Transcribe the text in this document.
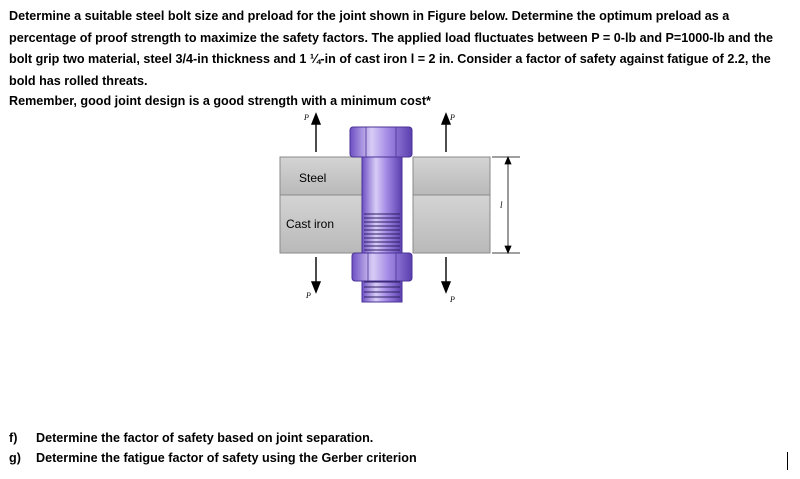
Determine a suitable steel bolt size and preload for the joint shown in Figure below. Determine the optimum preload as a percentage of proof strength to maximize the safety factors. The applied load fluctuates between P = 0-lb and P=1000-lb and the bolt grip two material, steel 3/4-in thickness and 1 ¼-in of cast iron l = 2 in. Consider a factor of safety against fatigue of 2.2, the bold has rolled threats.

Remember, good joint design is a good strength with a minimum cost*

Steel
Cast iron
P	P
P	P
l
f)	Determine the factor of safety based on joint separation.
g)	Determine the fatigue factor of safety using the Gerber criterion
